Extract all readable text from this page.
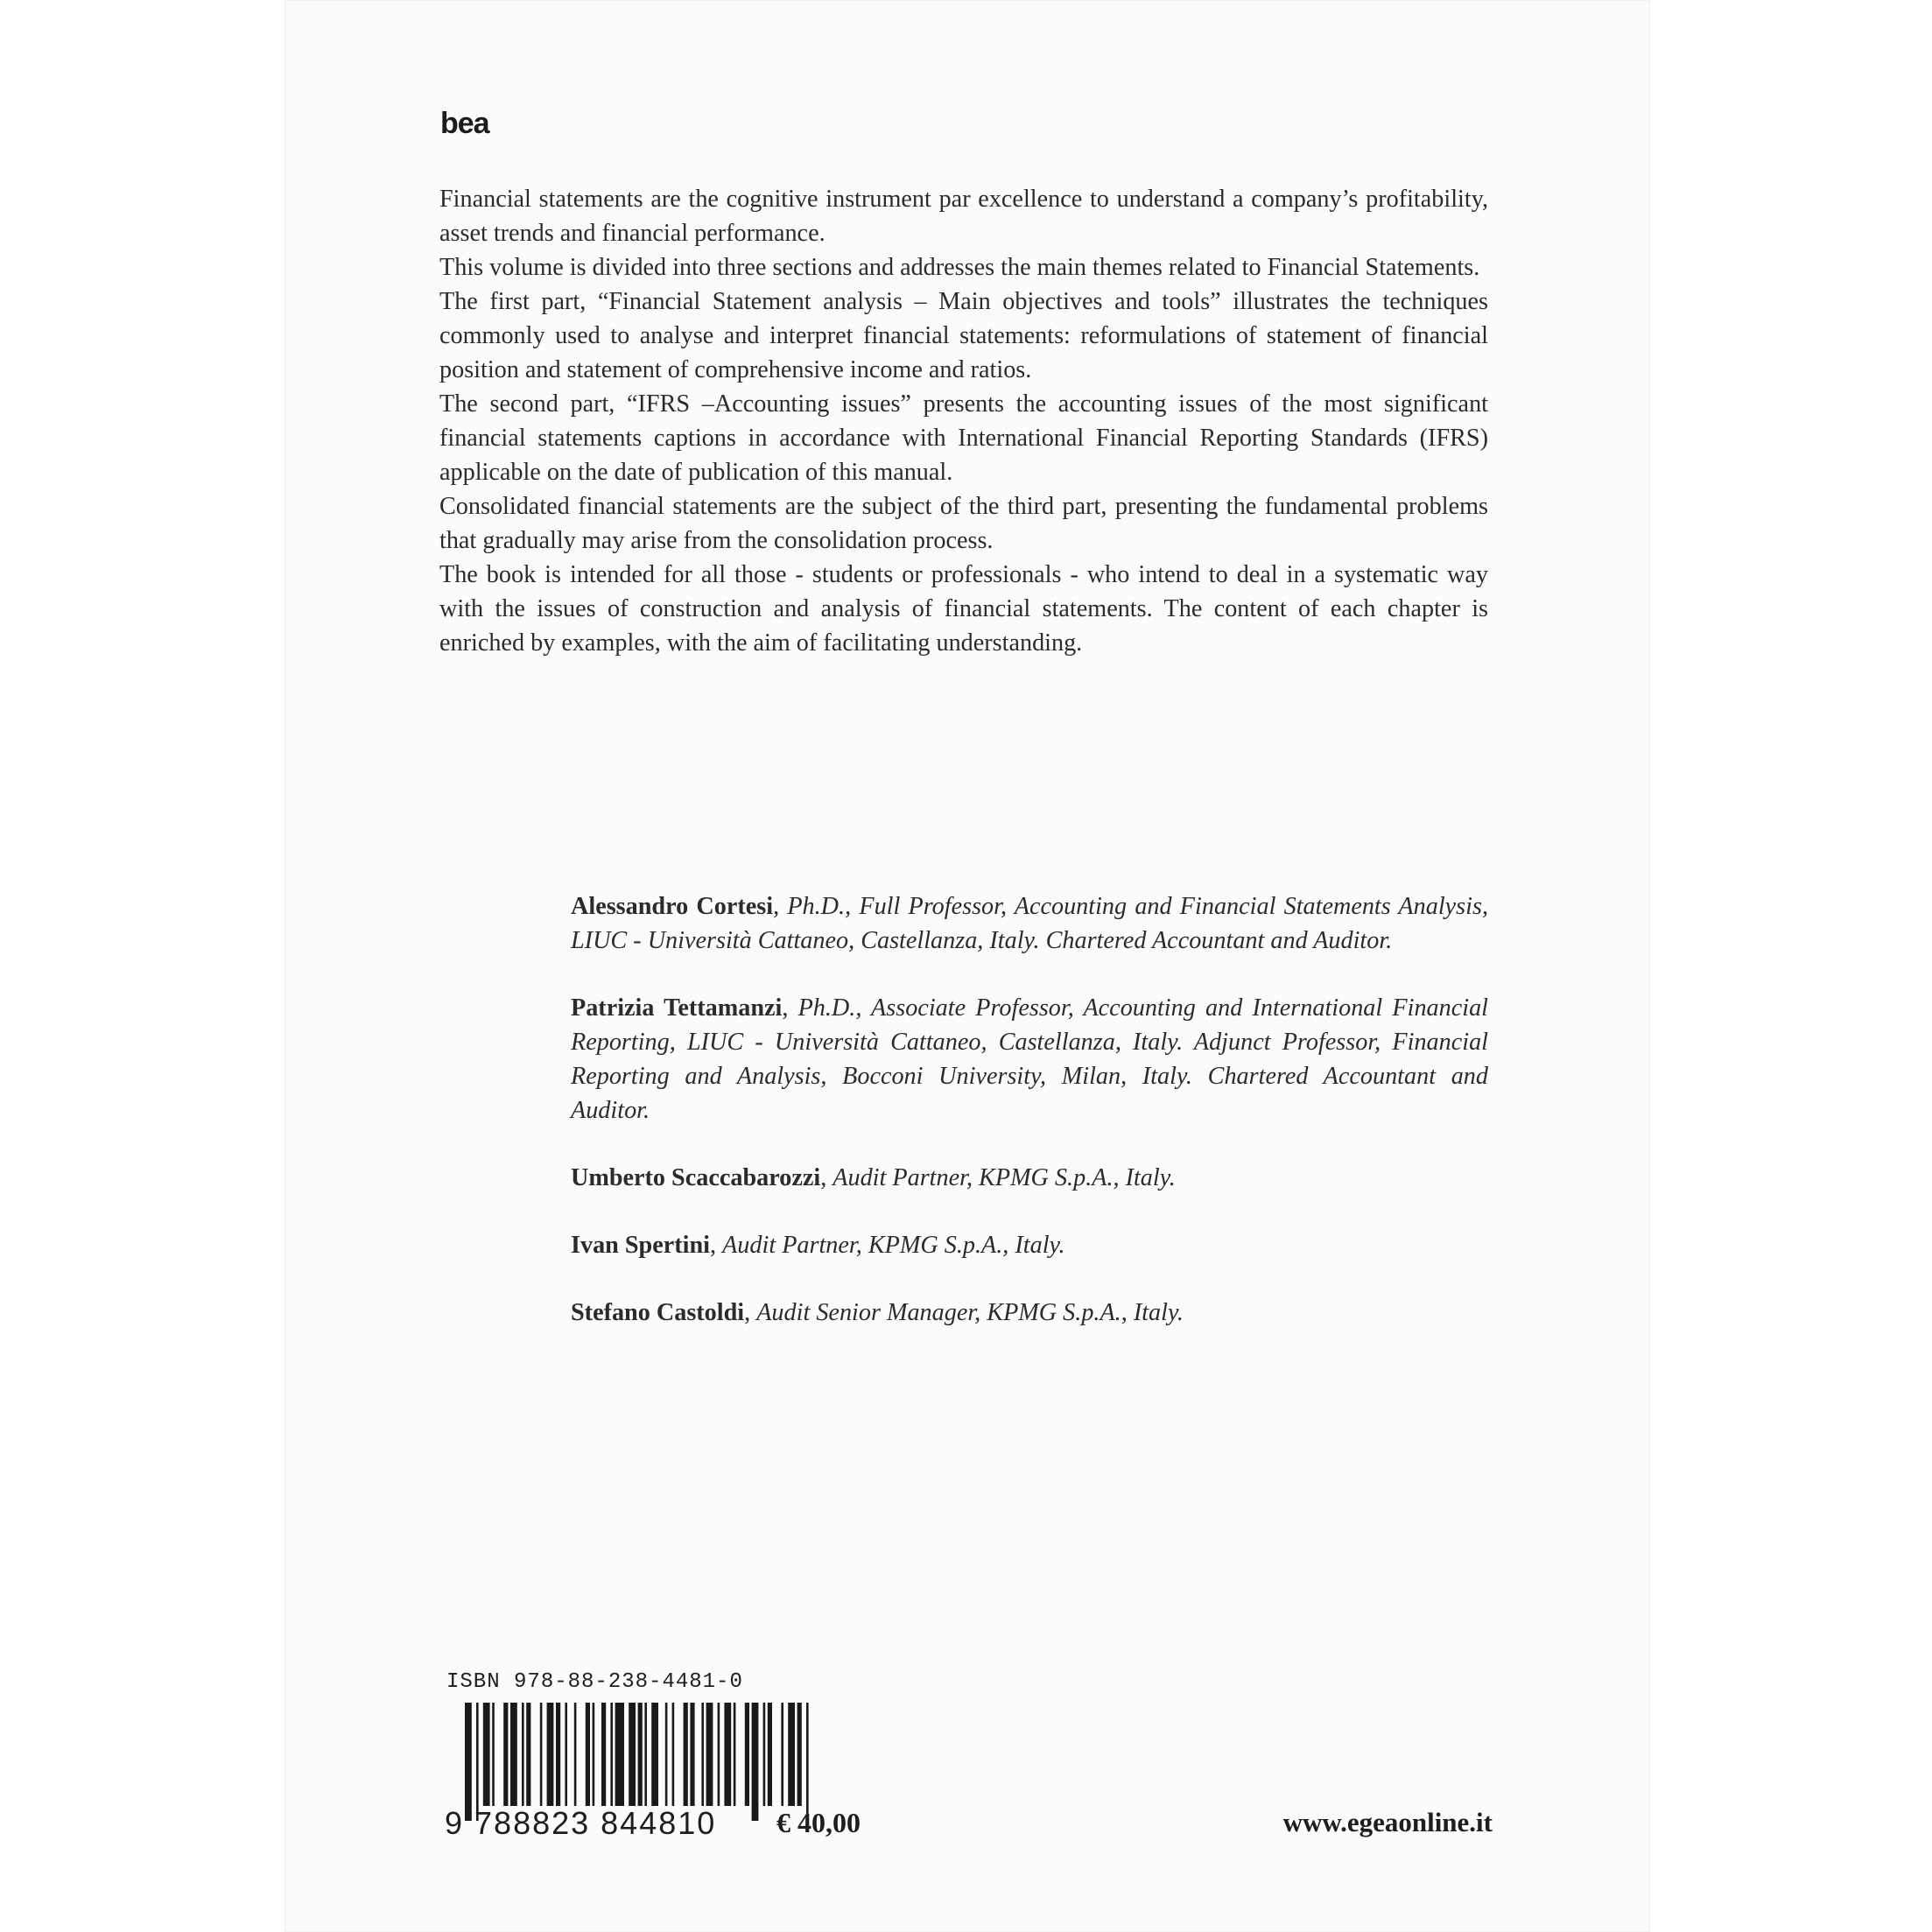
bea

Financial statements are the cognitive instrument par excellence to understand a company’s profitability, asset trends and financial performance.

This volume is divided into three sections and addresses the main themes related to Financial Statements.

The first part, “Financial Statement analysis – Main objectives and tools” illustrates the techniques commonly used to analyse and interpret financial statements: reformulations of statement of financial position and statement of comprehensive income and ratios.

The second part, “IFRS –Accounting issues” presents the accounting issues of the most significant financial statements captions in accordance with International Financial Reporting Standards (IFRS) applicable on the date of publication of this manual.

Consolidated financial statements are the subject of the third part, presenting the fundamental problems that gradually may arise from the consolidation process.

The book is intended for all those - students or professionals - who intend to deal in a systematic way with the issues of construction and analysis of financial statements. The content of each chapter is enriched by examples, with the aim of facilitating understanding.

Alessandro Cortesi, Ph.D., Full Professor, Accounting and Financial Statements Analysis, LIUC - Università Cattaneo, Castellanza, Italy. Chartered Accountant and Auditor.

Patrizia Tettamanzi, Ph.D., Associate Professor, Accounting and International Financial Reporting, LIUC - Università Cattaneo, Castellanza, Italy. Adjunct Professor, Financial Reporting and Analysis, Bocconi University, Milan, Italy. Chartered Accountant and Auditor.

Umberto Scaccabarozzi, Audit Partner, KPMG S.p.A., Italy.

Ivan Spertini, Audit Partner, KPMG S.p.A., Italy.

Stefano Castoldi, Audit Senior Manager, KPMG S.p.A., Italy.

ISBN 978-88-238-4481-0
9 788823 844810 € 40,00	www.egeaonline.it
